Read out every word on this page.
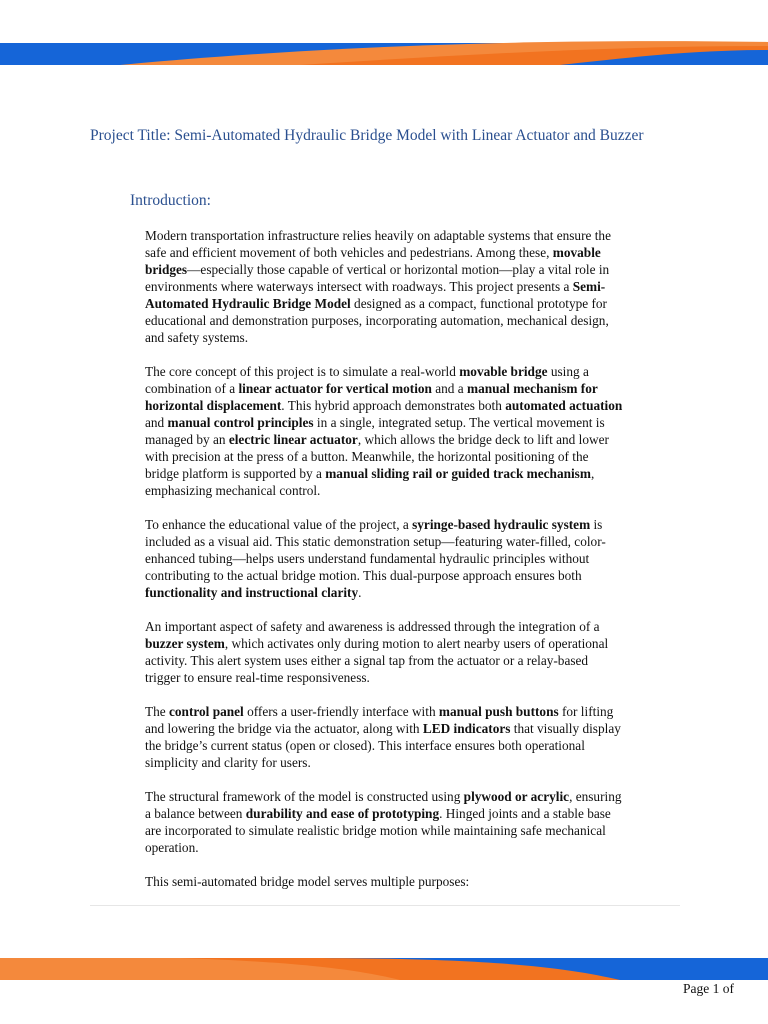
Project Title: Semi-Automated Hydraulic Bridge Model with Linear Actuator and Buzzer
Introduction:

Modern transportation infrastructure relies heavily on adaptable systems that ensure the safe and efficient movement of both vehicles and pedestrians. Among these, movable bridges—especially those capable of vertical or horizontal motion—play a vital role in environments where waterways intersect with roadways. This project presents a Semi-Automated Hydraulic Bridge Model designed as a compact, functional prototype for educational and demonstration purposes, incorporating automation, mechanical design, and safety systems.

The core concept of this project is to simulate a real-world movable bridge using a combination of a linear actuator for vertical motion and a manual mechanism for horizontal displacement. This hybrid approach demonstrates both automated actuation and manual control principles in a single, integrated setup. The vertical movement is managed by an electric linear actuator, which allows the bridge deck to lift and lower with precision at the press of a button. Meanwhile, the horizontal positioning of the bridge platform is supported by a manual sliding rail or guided track mechanism, emphasizing mechanical control.

To enhance the educational value of the project, a syringe-based hydraulic system is included as a visual aid. This static demonstration setup—featuring water-filled, color-enhanced tubing—helps users understand fundamental hydraulic principles without contributing to the actual bridge motion. This dual-purpose approach ensures both functionality and instructional clarity.

An important aspect of safety and awareness is addressed through the integration of a buzzer system, which activates only during motion to alert nearby users of operational activity. This alert system uses either a signal tap from the actuator or a relay-based trigger to ensure real-time responsiveness.

The control panel offers a user-friendly interface with manual push buttons for lifting and lowering the bridge via the actuator, along with LED indicators that visually display the bridge’s current status (open or closed). This interface ensures both operational simplicity and clarity for users.

The structural framework of the model is constructed using plywood or acrylic, ensuring a balance between durability and ease of prototyping. Hinged joints and a stable base are incorporated to simulate realistic bridge motion while maintaining safe mechanical operation.

This semi-automated bridge model serves multiple purposes:

Page 1 of
